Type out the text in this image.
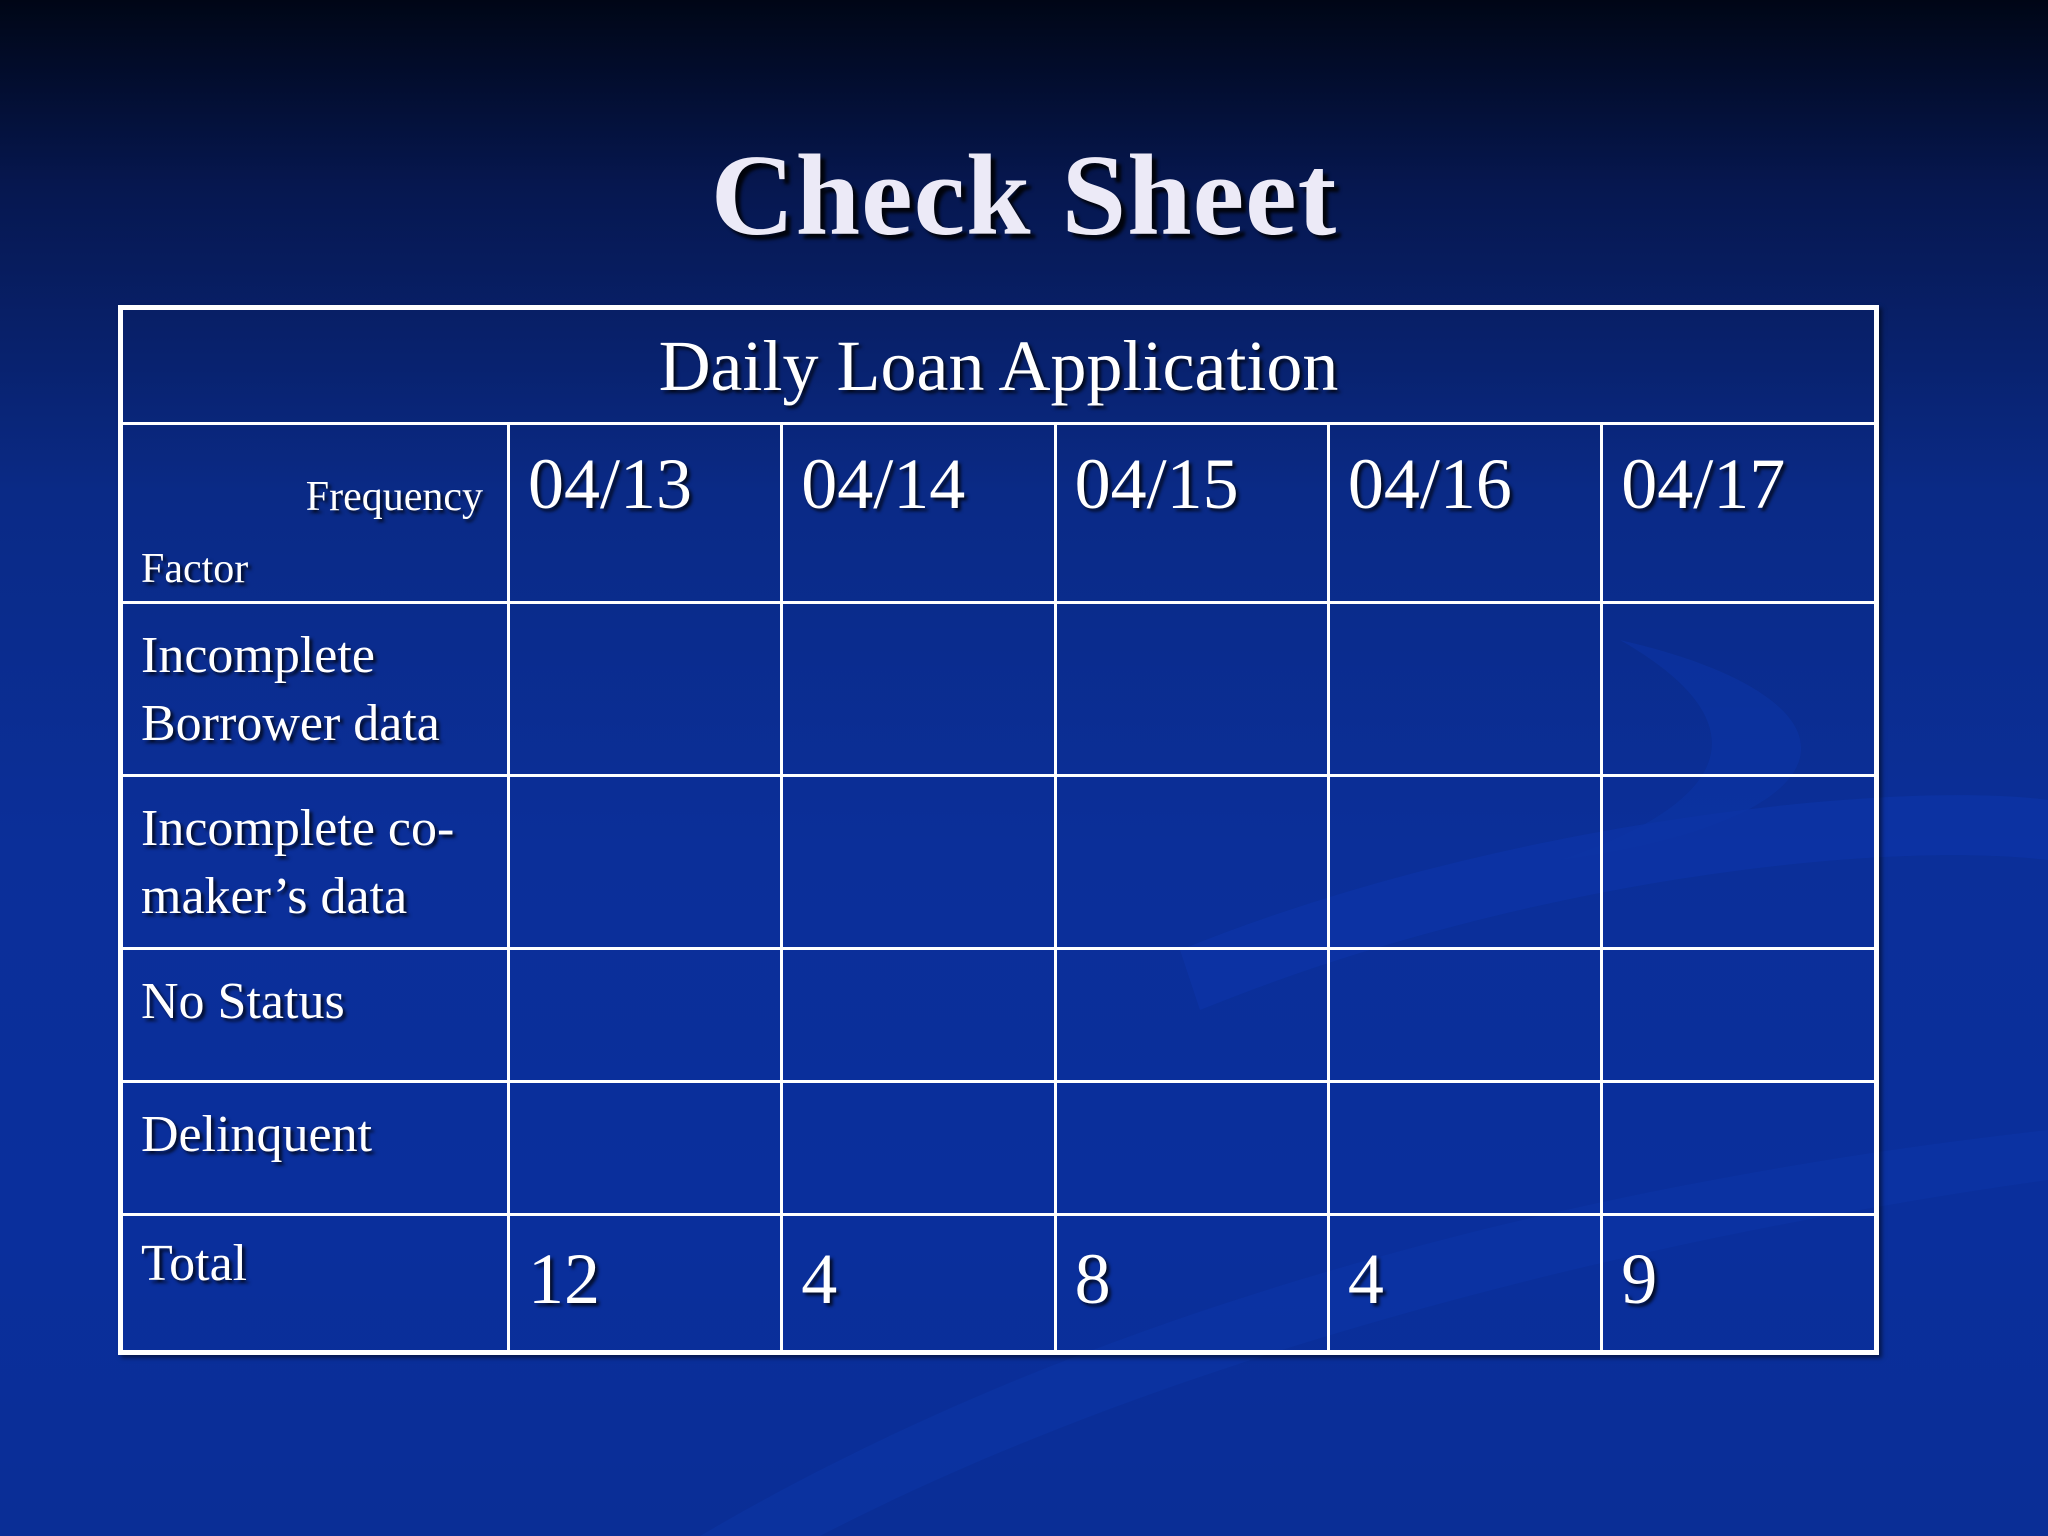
Check Sheet
Daily Loan Application					

Frequency
Factor	04/13	04/14	04/15	04/16	04/17

Incomplete
Borrower data					

Incomplete co-
maker’s data					

No Status					

Delinquent					

Total	12	4	8	4	9
